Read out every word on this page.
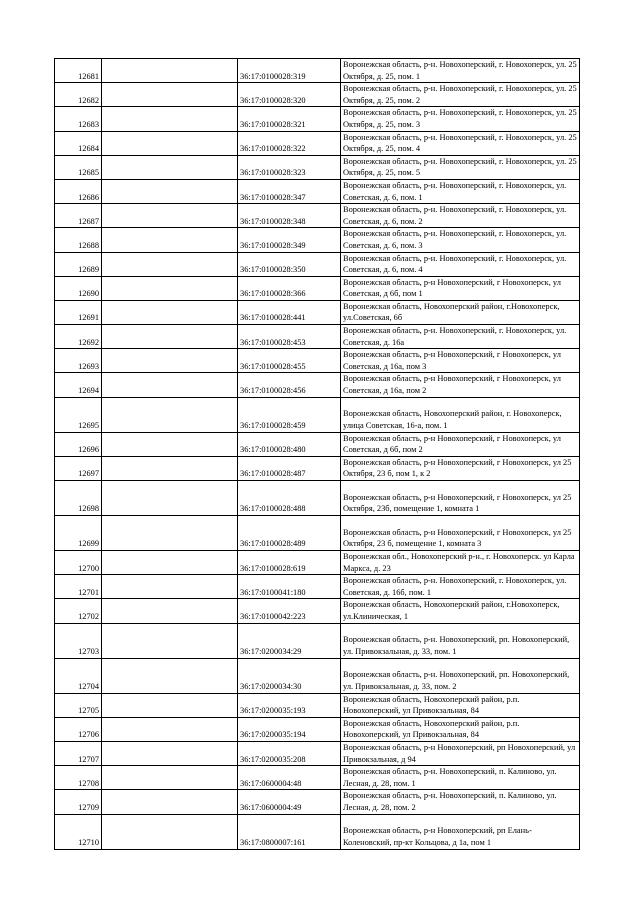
12681		36:17:0100028:319	Воронежская область, р-н. Новохоперский, г. Новохоперск, ул. 25 Октября, д. 25, пом. 1
12682		36:17:0100028:320	Воронежская область, р-н. Новохоперский, г. Новохоперск, ул. 25 Октября, д. 25, пом. 2
12683		36:17:0100028:321	Воронежская область, р-н. Новохоперский, г. Новохоперск, ул. 25 Октября, д. 25, пом. 3
12684		36:17:0100028:322	Воронежская область, р-н. Новохоперский, г. Новохоперск, ул. 25 Октября, д. 25, пом. 4
12685		36:17:0100028:323	Воронежская область, р-н. Новохоперский, г. Новохоперск, ул. 25 Октября, д. 25, пом. 5
12686		36:17:0100028:347	Воронежская область, р-н. Новохоперский, г. Новохоперск, ул. Советская, д. 6, пом. 1
12687		36:17:0100028:348	Воронежская область, р-н. Новохоперский, г. Новохоперск, ул. Советская, д. 6, пом. 2
12688		36:17:0100028:349	Воронежская область, р-н. Новохоперский, г. Новохоперск, ул. Советская, д. 6, пом. 3
12689		36:17:0100028:350	Воронежская область, р-н. Новохоперский, г. Новохоперск, ул. Советская, д. 6, пом. 4
12690		36:17:0100028:366	Воронежская область, р-н Новохоперский, г Новохоперск, ул Советская, д 6б, пом 1
12691		36:17:0100028:441	Воронежская область, Новохоперский район, г.Новохоперск, ул.Советская, 6б
12692		36:17:0100028:453	Воронежская область, р-н. Новохоперский, г. Новохоперск, ул. Советская, д. 16а
12693		36:17:0100028:455	Воронежская область, р-н Новохоперский, г Новохоперск, ул Советская, д 16а, пом 3
12694		36:17:0100028:456	Воронежская область, р-н Новохоперский, г Новохоперск, ул Советская, д 16а, пом 2
12695		36:17:0100028:459	Воронежская область, Новохоперский район, г. Новохоперск, улица Советская, 16-а, пом. 1
12696		36:17:0100028:480	Воронежская область, р-н Новохоперский, г Новохоперск, ул Советская, д 6б, пом 2
12697		36:17:0100028:487	Воронежская область, р-н Новохоперский, г Новохоперск, ул 25 Октября, 23 б, пом 1, к 2
12698		36:17:0100028:488	Воронежская область, р-н Новохоперский, г Новохоперск, ул 25 Октября, 23б, помещение 1, комната 1
12699		36:17:0100028:489	Воронежская область, р-н Новохоперский, г Новохоперск, ул 25 Октября, 23 б, помещение 1, комната 3
12700		36:17:0100028:619	Воронежская обл., Новохоперский р-н., г. Новохоперск. ул Карла Маркса, д. 23
12701		36:17:0100041:180	Воронежская область, р-н. Новохоперский, г. Новохоперск, ул. Советская, д. 16б, пом. 1
12702		36:17:0100042:223	Воронежская область, Новохоперский район, г.Новохоперск, ул.Клиническая, 1
12703		36:17:0200034:29	Воронежская область, р-н. Новохоперский, рп. Новохоперский, ул. Привокзальная, д. 33, пом. 1
12704		36:17:0200034:30	Воронежская область, р-н. Новохоперский, рп. Новохоперский, ул. Привокзальная, д. 33, пом. 2
12705		36:17:0200035:193	Воронежская область, Новохоперский район, р.п. Новохоперский, ул Привокзальная, 84
12706		36:17:0200035:194	Воронежская область, Новохоперский район, р.п. Новохоперский, ул Привокзальная, 84
12707		36:17:0200035:208	Воронежская область, р-н Новохоперский, рп Новохоперский, ул Привокзальная, д 94
12708		36:17:0600004:48	Воронежская область, р-н. Новохоперский, п. Калиново, ул. Лесная, д. 28, пом. 1
12709		36:17:0600004:49	Воронежская область, р-н. Новохоперский, п. Калиново, ул. Лесная, д. 28, пом. 2
12710		36:17:0800007:161	Воронежская область, р-н Новохоперский, рп Елань-Коленовский, пр-кт Кольцова, д 1а, пом 1
